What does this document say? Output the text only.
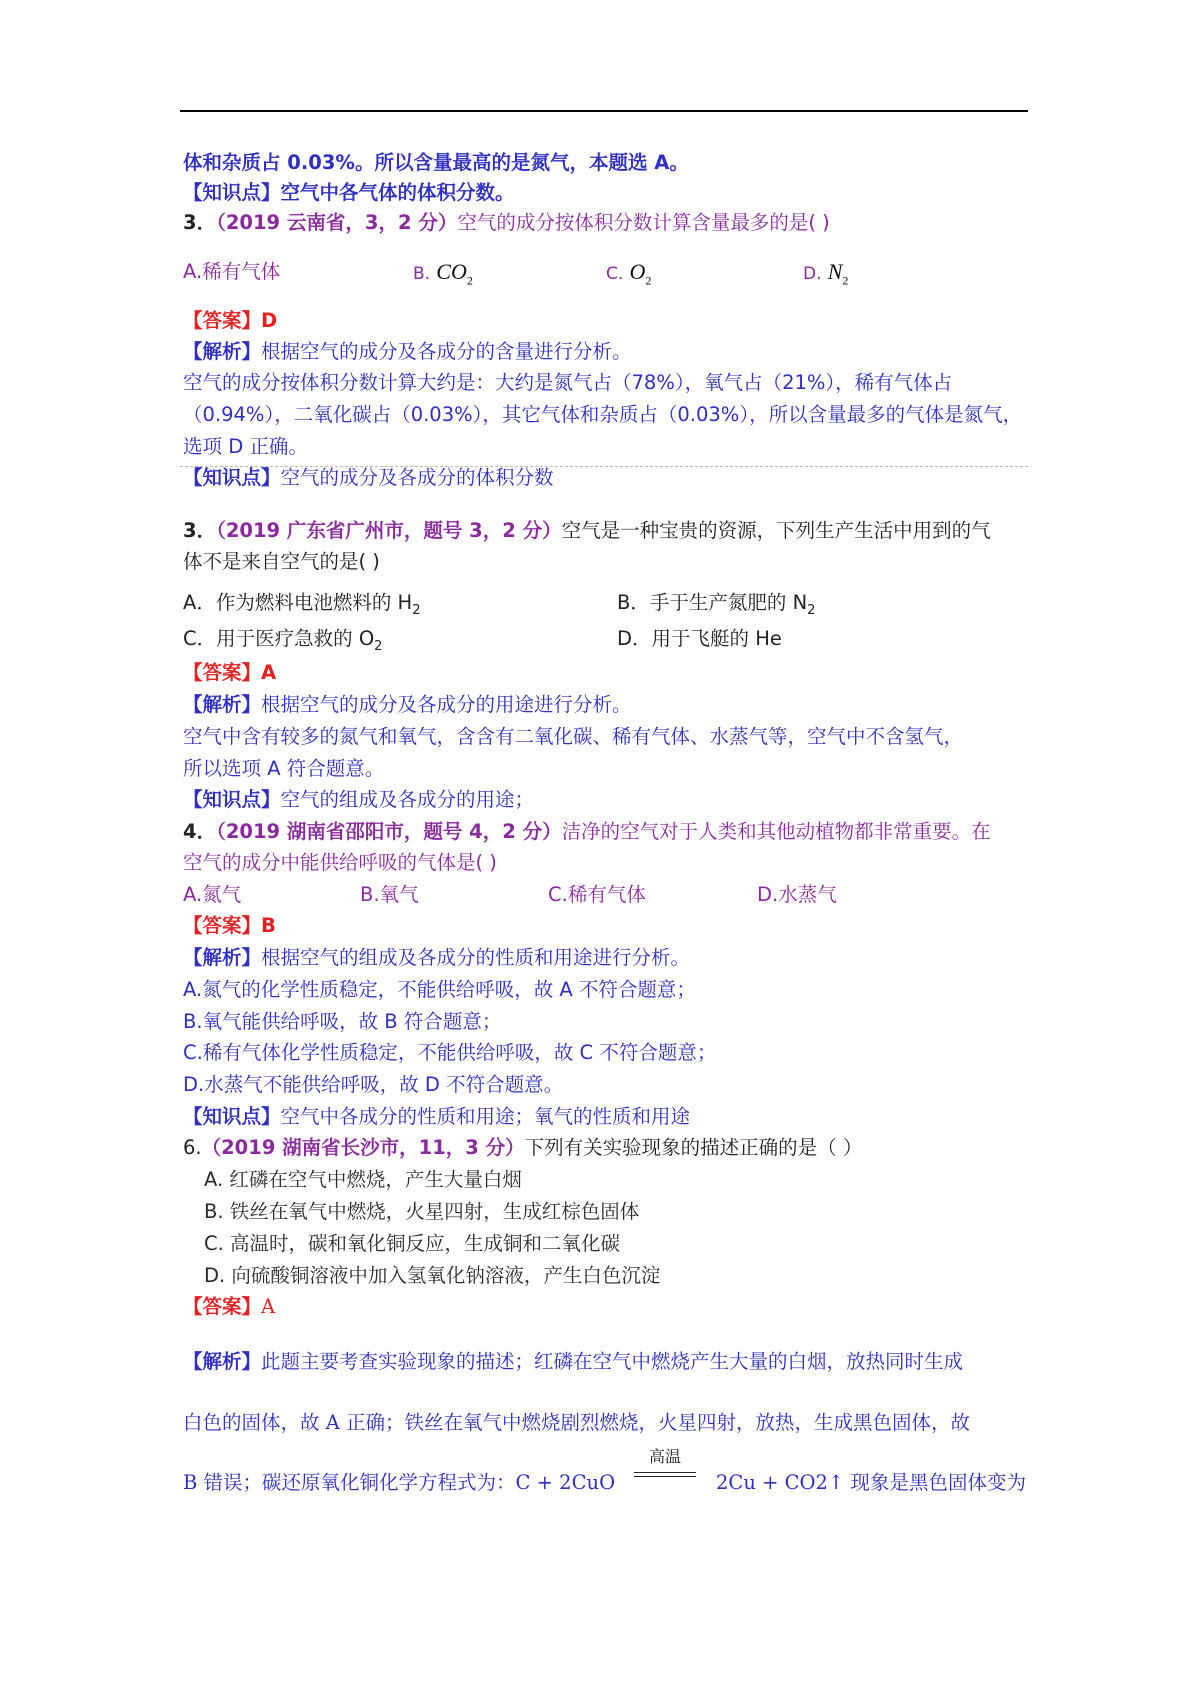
体和杂质占 0.03%。所以含量最高的是氮气，本题选 A。
【知识点】空气中各气体的体积分数。
3．（2019 云南省，3，2 分）空气的成分按体积分数计算含量最多的是( )
A.稀有气体	B. $CO_2$	C. $O_2$	D. $N_2$
【答案】D
【解析】根据空气的成分及各成分的含量进行分析。
空气的成分按体积分数计算大约是：大约是氮气占（78%），氧气占（21%），稀有气体占
（0.94%），二氧化碳占（0.03%），其它气体和杂质占（0.03%），所以含量最多的气体是氮气，
选项 D 正确。
【知识点】空气的成分及各成分的体积分数
3．（2019 广东省广州市，题号 3，2 分）空气是一种宝贵的资源，下列生产生活中用到的气
体不是来自空气的是( )
A．作为燃料电池燃料的 $H_2$	B．手于生产氮肥的 $N_2$
C．用于医疗急救的 $O_2$	D．用于飞艇的 He
【答案】A
【解析】根据空气的成分及各成分的用途进行分析。
空气中含有较多的氮气和氧气，含含有二氧化碳、稀有气体、水蒸气等，空气中不含氢气，
所以选项 A 符合题意。
【知识点】空气的组成及各成分的用途；
4．（2019 湖南省邵阳市，题号 4，2 分）洁净的空气对于人类和其他动植物都非常重要。在
空气的成分中能供给呼吸的气体是( )
A.氮气	B.氧气	C.稀有气体	D.水蒸气
【答案】B
【解析】根据空气的组成及各成分的性质和用途进行分析。
A.氮气的化学性质稳定，不能供给呼吸，故 A 不符合题意；
B.氧气能供给呼吸，故 B 符合题意；
C.稀有气体化学性质稳定，不能供给呼吸，故 C 不符合题意；
D.水蒸气不能供给呼吸，故 D 不符合题意。
【知识点】空气中各成分的性质和用途；氧气的性质和用途
6.（2019 湖南省长沙市，11，3 分）下列有关实验现象的描述正确的是（ ）
A. 红磷在空气中燃烧，产生大量白烟
B. 铁丝在氧气中燃烧，火星四射，生成红棕色固体
C. 高温时，碳和氧化铜反应，生成铜和二氧化碳
D. 向硫酸铜溶液中加入氢氧化钠溶液，产生白色沉淀
【答案】A
【解析】此题主要考查实验现象的描述；红磷在空气中燃烧产生大量的白烟，放热同时生成
白色的固体，故 A 正确；铁丝在氧气中燃烧剧烈燃烧，火星四射，放热，生成黑色固体，故
B 错误；碳还原氧化铜化学方程式为：C + 2CuO
高温
2Cu + CO2↑ 现象是黑色固体变为
